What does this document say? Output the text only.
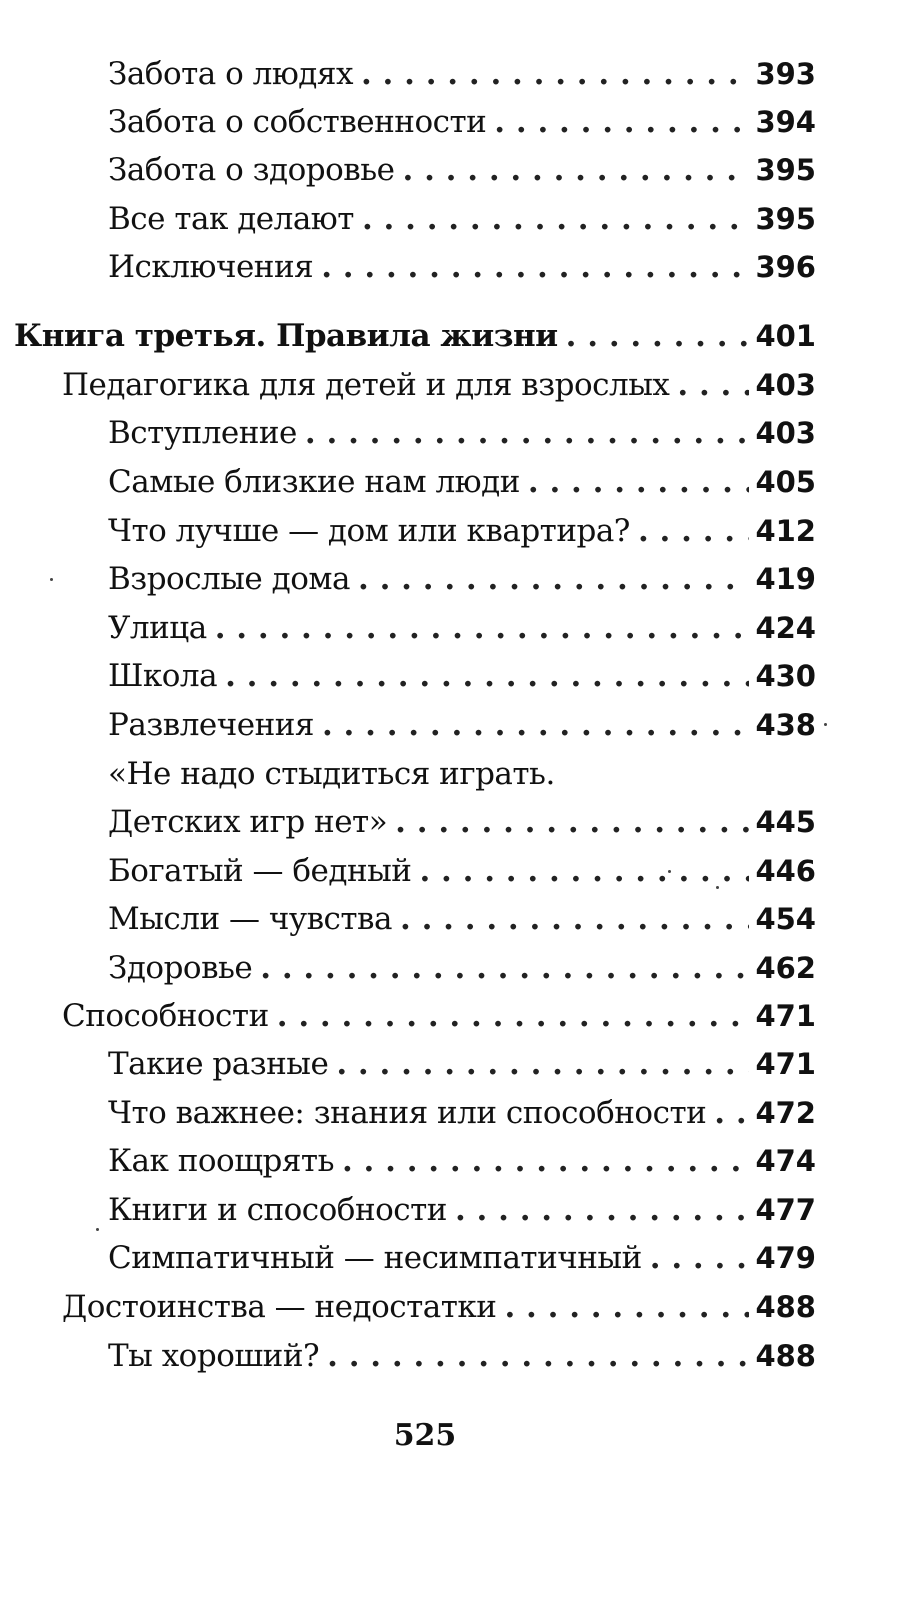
Забота о людях . . .	393
Забота о собственности . . .	394
Забота о здоровье . . .	395
Все так делают . . .	395
Исключения . . .	396
Книга третья. Правила жизни . . .	401
Педагогика для детей и для взрослых . . .	403
Вступление . . .	403
Самые близкие нам люди . . .	405
Что лучше — дом или квартира? . . .	412
Взрослые дома . . .	419
Улица . . .	424
Школа . . .	430
Развлечения . . .	438
«Не надо стыдиться играть.
Детских игр нет» . . .	445
Богатый — бедный . . .	446
Мысли — чувства . . .	454
Здоровье . . .	462
Способности . . .	471
Такие разные . . .	471
Что важнее: знания или способности . . . 472
Как поощрять . . .	474
Книги и способности . . .	477
Симпатичный — несимпатичный . . .	479
Достоинства — недостатки . . .	488
Ты хороший? . . .	488
525
